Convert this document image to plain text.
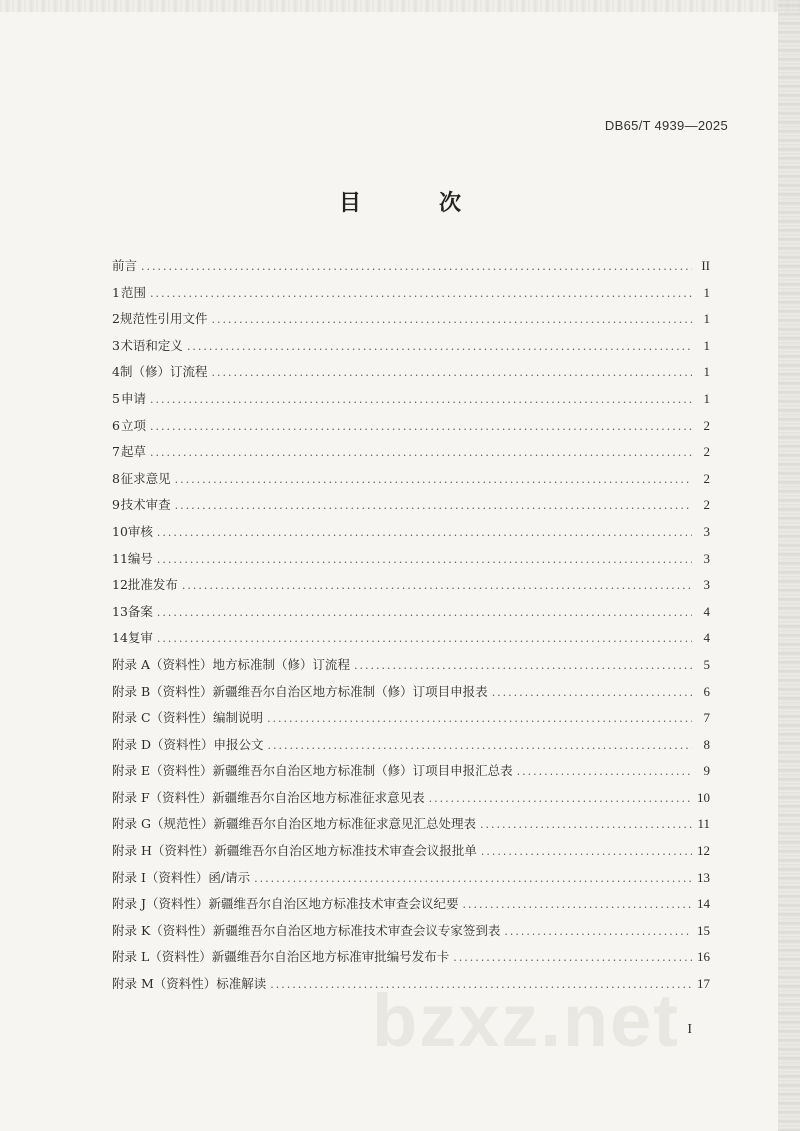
DB65/T 4939—2025
目　次
前言 .....	II
1 范围 .....	1
2 规范性引用文件 .....	1
3 术语和定义 .....	1
4 制（修）订流程 .....	1
5 申请 .....	1
6 立项 .....	2
7 起草 .....	2
8 征求意见 .....	2
9 技术审查 .....	2
10 审核 .....	3
11 编号 .....	3
12 批准发布 .....	3
13 备案 .....	4
14 复审 .....	4
附录 A（资料性） 地方标准制（修）订流程 .....	5
附录 B（资料性） 新疆维吾尔自治区地方标准制（修）订项目申报表 .....	6
附录 C（资料性） 编制说明 .....	7
附录 D（资料性） 申报公文 .....	8
附录 E（资料性） 新疆维吾尔自治区地方标准制（修）订项目申报汇总表 .....	9
附录 F（资料性） 新疆维吾尔自治区地方标准征求意见表 .....	10
附录 G（规范性） 新疆维吾尔自治区地方标准征求意见汇总处理表 .....	11
附录 H（资料性） 新疆维吾尔自治区地方标准技术审查会议报批单 .....	12
附录 I（资料性） 函/请示 .....	13
附录 J（资料性） 新疆维吾尔自治区地方标准技术审查会议纪要 .....	14
附录 K（资料性） 新疆维吾尔自治区地方标准技术审查会议专家签到表 .....	15
附录 L（资料性） 新疆维吾尔自治区地方标准审批编号发布卡 .....	16
附录 M（资料性） 标准解读 .....	17
bzxz.net I
